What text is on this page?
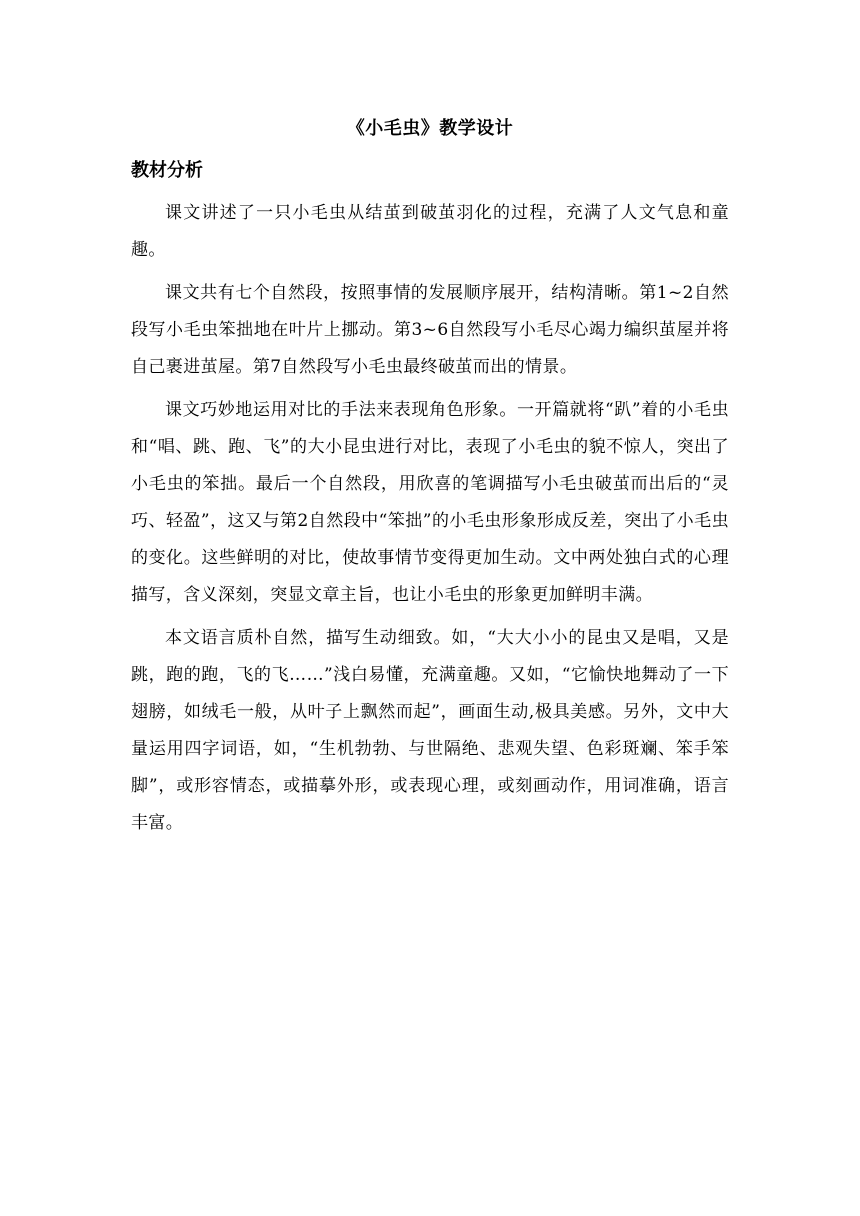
《小毛虫》教学设计
教材分析

课文讲述了一只小毛虫从结茧到破茧羽化的过程，充满了人文气息和童趣。

课文共有七个自然段，按照事情的发展顺序展开，结构清晰。第1~2自然段写小毛虫笨拙地在叶片上挪动。第3~6自然段写小毛尽心竭力编织茧屋并将自己裹进茧屋。第7自然段写小毛虫最终破茧而出的情景。

课文巧妙地运用对比的手法来表现角色形象。一开篇就将“趴”着的小毛虫和“唱、跳、跑、飞”的大小昆虫进行对比，表现了小毛虫的貌不惊人，突出了小毛虫的笨拙。最后一个自然段，用欣喜的笔调描写小毛虫破茧而出后的“灵巧、轻盈”，这又与第2自然段中“笨拙”的小毛虫形象形成反差，突出了小毛虫的变化。这些鲜明的对比，使故事情节变得更加生动。文中两处独白式的心理描写，含义深刻，突显文章主旨，也让小毛虫的形象更加鲜明丰满。

本文语言质朴自然，描写生动细致。如，“大大小小的昆虫又是唱，又是跳，跑的跑，飞的飞……”浅白易懂，充满童趣。又如，“它愉快地舞动了一下翅膀，如绒毛一般，从叶子上飘然而起”，画面生动,极具美感。另外，文中大量运用四字词语，如，“生机勃勃、与世隔绝、悲观失望、色彩斑斓、笨手笨脚”，或形容情态，或描摹外形，或表现心理，或刻画动作，用词准确，语言丰富。
